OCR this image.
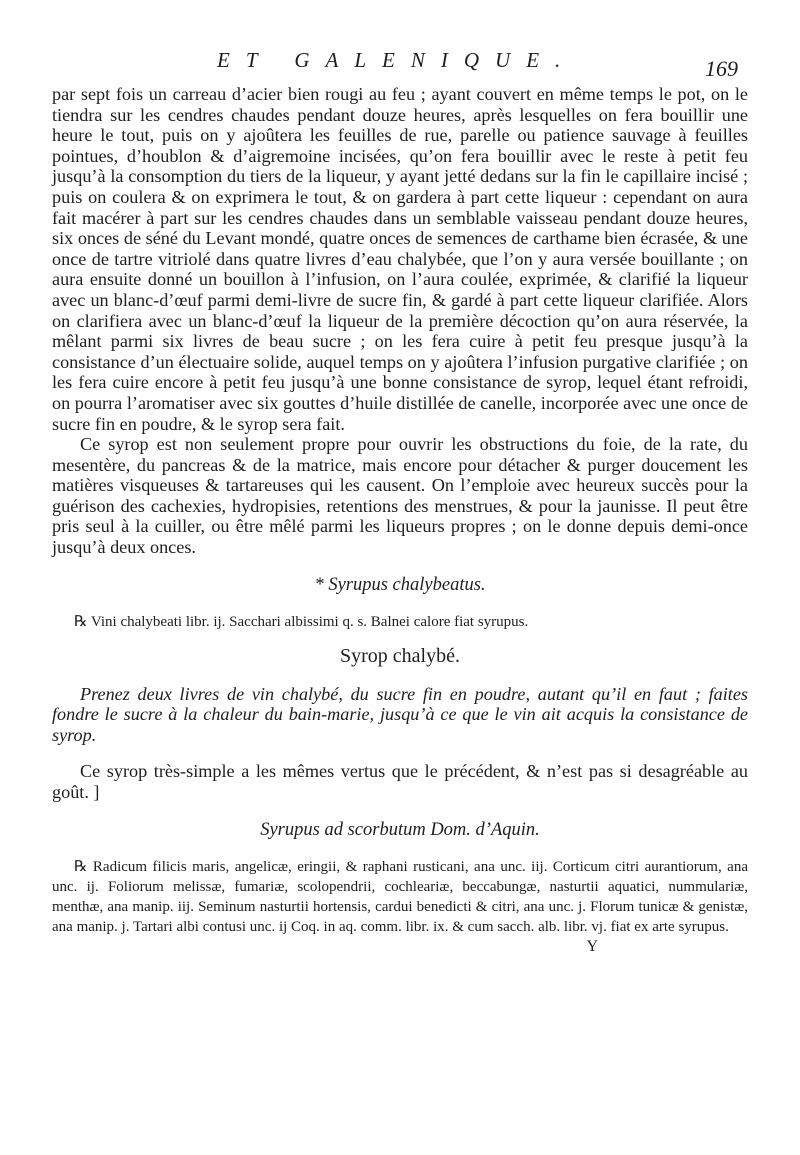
ET GALENIQUE.	169

par sept fois un carreau d’acier bien rougi au feu ; ayant couvert en même temps le pot, on le tiendra sur les cendres chaudes pendant douze heures, après lesquelles on fera bouillir une heure le tout, puis on y ajoûtera les feuilles de rue, parelle ou patience sauvage à feuilles pointues, d’houblon & d’aigremoine incisées, qu’on fera bouillir avec le reste à petit feu jusqu’à la consomption du tiers de la liqueur, y ayant jetté dedans sur la fin le capillaire incisé ; puis on coulera & on exprimera le tout, & on gardera à part cette liqueur : cependant on aura fait macérer à part sur les cendres chaudes dans un semblable vaisseau pendant douze heures, six onces de séné du Levant mondé, quatre onces de semences de carthame bien écrasée, & une once de tartre vitriolé dans quatre livres d’eau chalybée, que l’on y aura versée bouillante ; on aura ensuite donné un bouillon à l’infusion, on l’aura coulée, exprimée, & clarifié la liqueur avec un blanc-d’œuf parmi demi-livre de sucre fin, & gardé à part cette liqueur clarifiée. Alors on clarifiera avec un blanc-d’œuf la liqueur de la première décoction qu’on aura réservée, la mêlant parmi six livres de beau sucre ; on les fera cuire à petit feu presque jusqu’à la consistance d’un électuaire solide, auquel temps on y ajoûtera l’infusion purgative clarifiée ; on les fera cuire encore à petit feu jusqu’à une bonne consistance de syrop, lequel étant refroidi, on pourra l’aromatiser avec six gouttes d’huile distillée de canelle, incorporée avec une once de sucre fin en poudre, & le syrop sera fait.

Ce syrop est non seulement propre pour ouvrir les obstructions du foie, de la rate, du mesentère, du pancreas & de la matrice, mais encore pour détacher & purger doucement les matières visqueuses & tartareuses qui les causent. On l’emploie avec heureux succès pour la guérison des cachexies, hydropisies, retentions des menstrues, & pour la jaunisse. Il peut être pris seul à la cuiller, ou être mêlé parmi les liqueurs propres ; on le donne depuis demi-once jusqu’à deux onces.

* Syrupus chalybeatus.

℞ Vini chalybeati libr. ij. Sacchari albissimi q. s. Balnei calore fiat syrupus.

Syrop chalybé.

Prenez deux livres de vin chalybé, du sucre fin en poudre, autant qu’il en faut ; faites fondre le sucre à la chaleur du bain-marie, jusqu’à ce que le vin ait acquis la consistance de syrop.

Ce syrop très-simple a les mêmes vertus que le précédent, & n’est pas si desagréable au goût. ]

Syrupus ad scorbutum Dom. d’Aquin.

℞ Radicum filicis maris, angelicæ, eringii, & raphani rusticani, ana unc. iij. Corticum citri aurantiorum, ana unc. ij. Foliorum melissæ, fumariæ, scolopendrii, cochleariæ, beccabungæ, nasturtii aquatici, nummulariæ, menthæ, ana manip. iij. Seminum nasturtii hortensis, cardui benedicti & citri, ana unc. j. Florum tunicæ & genistæ, ana manip. j. Tartari albi contusi unc. ij Coq. in aq. comm. libr. ix. & cum sacch. alb. libr. vj. fiat ex arte syrupus.

Y
